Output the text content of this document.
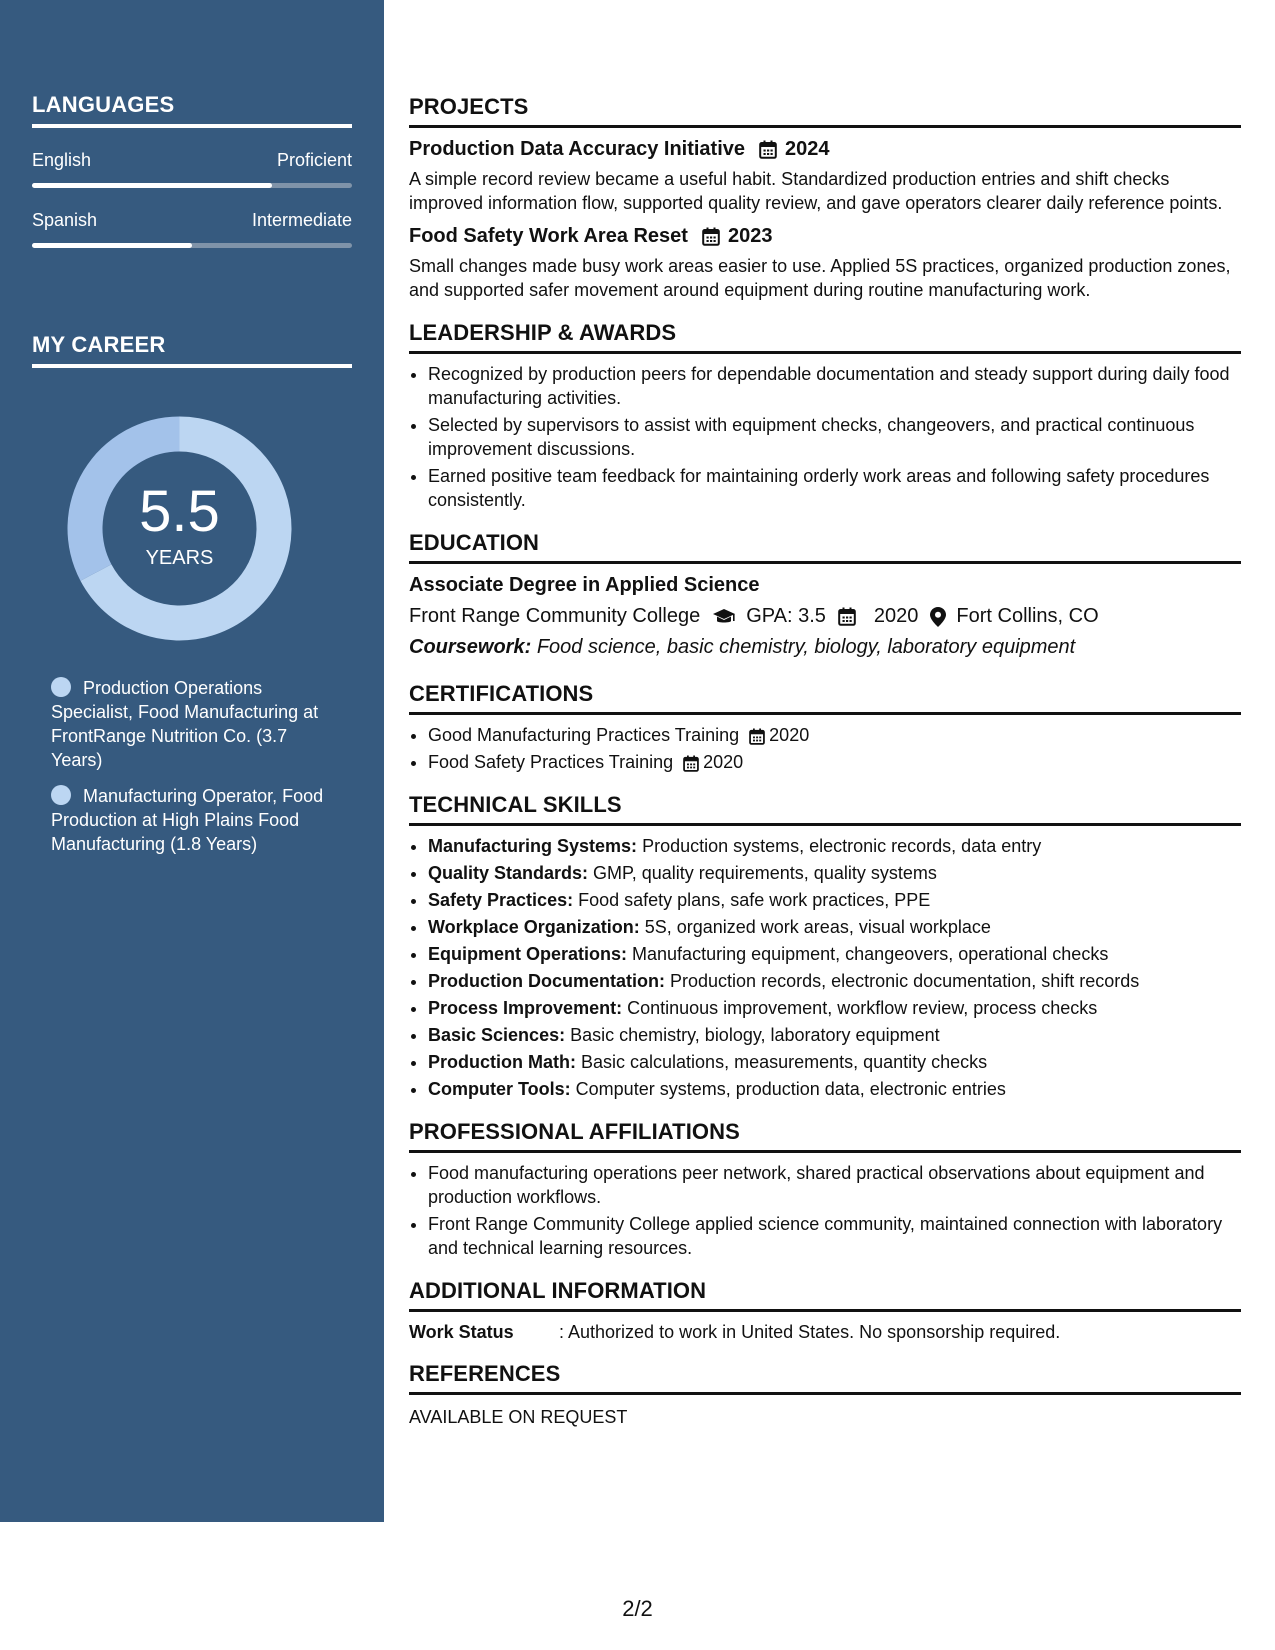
LANGUAGES
English	Proficient
Spanish	Intermediate
MY CAREER
5.5
YEARS
Production Operations Specialist, Food Manufacturing at FrontRange Nutrition Co. (3.7 Years)
Manufacturing Operator, Food Production at High Plains Food Manufacturing (1.8 Years)
PROJECTS
Production Data Accuracy Initiative 2024
A simple record review became a useful habit. Standardized production entries and shift checks improved information flow, supported quality review, and gave operators clearer daily reference points.
Food Safety Work Area Reset 2023
Small changes made busy work areas easier to use. Applied 5S practices, organized production zones, and supported safer movement around equipment during routine manufacturing work.
LEADERSHIP & AWARDS
• Recognized by production peers for dependable documentation and steady support during daily food manufacturing activities.
• Selected by supervisors to assist with equipment checks, changeovers, and practical continuous improvement discussions.
• Earned positive team feedback for maintaining orderly work areas and following safety procedures consistently.
EDUCATION
Associate Degree in Applied Science
Front Range Community College GPA: 3.5 2020 Fort Collins, CO
Coursework: Food science, basic chemistry, biology, laboratory equipment
CERTIFICATIONS
• Good Manufacturing Practices Training 2020
• Food Safety Practices Training 2020
TECHNICAL SKILLS
• Manufacturing Systems: Production systems, electronic records, data entry
• Quality Standards: GMP, quality requirements, quality systems
• Safety Practices: Food safety plans, safe work practices, PPE
• Workplace Organization: 5S, organized work areas, visual workplace
• Equipment Operations: Manufacturing equipment, changeovers, operational checks
• Production Documentation: Production records, electronic documentation, shift records
• Process Improvement: Continuous improvement, workflow review, process checks
• Basic Sciences: Basic chemistry, biology, laboratory equipment
• Production Math: Basic calculations, measurements, quantity checks
• Computer Tools: Computer systems, production data, electronic entries
PROFESSIONAL AFFILIATIONS
• Food manufacturing operations peer network, shared practical observations about equipment and production workflows.
• Front Range Community College applied science community, maintained connection with laboratory and technical learning resources.
ADDITIONAL INFORMATION
Work Status	: Authorized to work in United States. No sponsorship required.
REFERENCES
AVAILABLE ON REQUEST
2/2
